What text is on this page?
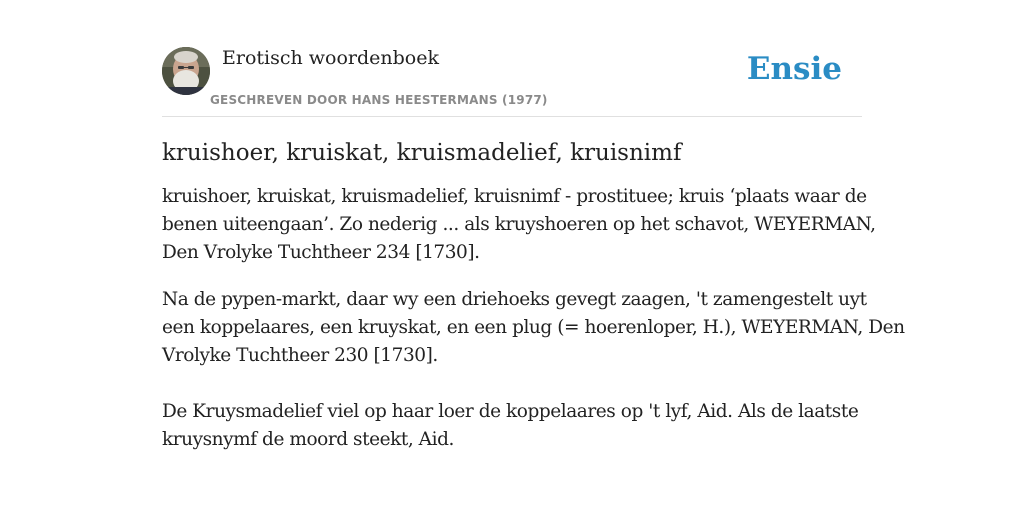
Erotisch woordenboek
GESCHREVEN DOOR HANS HEESTERMANS (1977)
Ensie
kruishoer, kruiskat, kruismadelief, kruisnimf

kruishoer, kruiskat, kruismadelief, kruisnimf - prostituee; kruis ‘plaats waar de

benen uiteengaan’. Zo nederig ... als kruyshoeren op het schavot, WEYERMAN,

Den Vrolyke Tuchtheer 234 [1730].

Na de pypen-markt, daar wy een driehoeks gevegt zaagen, 't zamengestelt uyt

een koppelaares, een kruyskat, en een plug (= hoerenloper, H.), WEYERMAN, Den

Vrolyke Tuchtheer 230 [1730].

De Kruysmadelief viel op haar loer de koppelaares op 't lyf, Aid. Als de laatste

kruysnymf de moord steekt, Aid.
